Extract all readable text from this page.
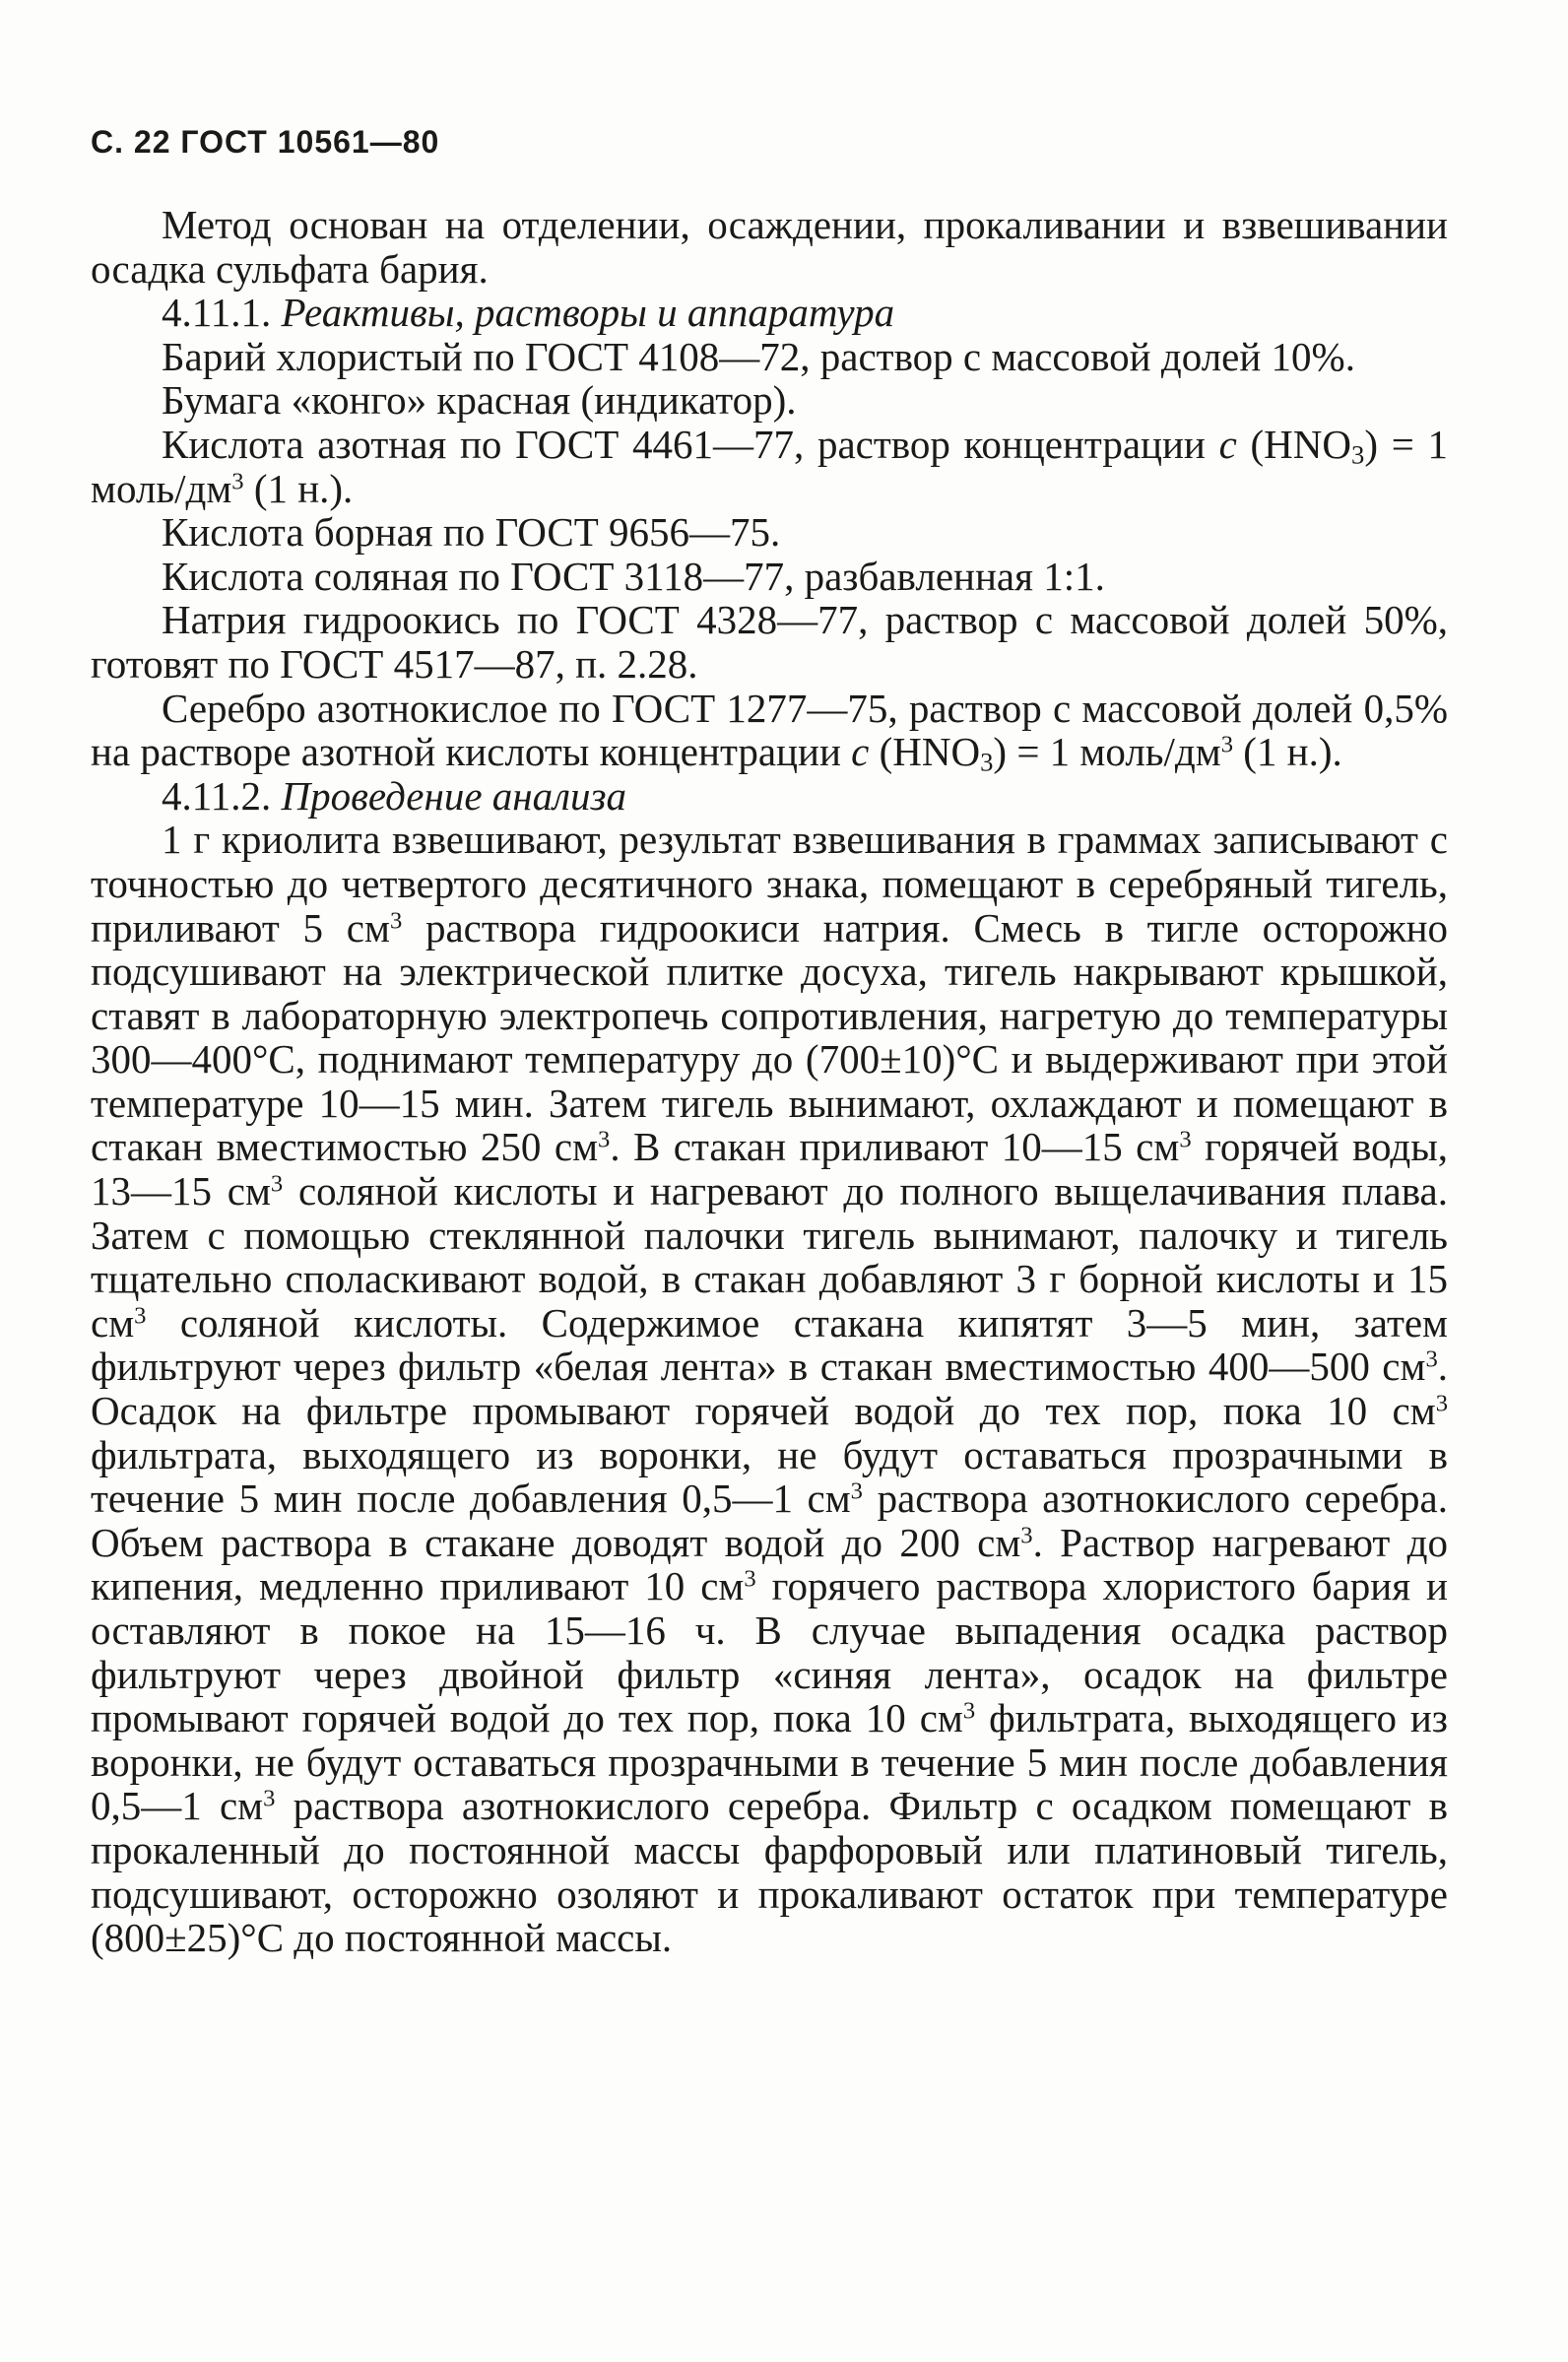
С. 22 ГОСТ 10561—80

Метод основан на отделении, осаждении, прокаливании и взвешивании осадка сульфата бария.

4.11.1. Реактивы, растворы и аппаратура

Барий хлористый по ГОСТ 4108—72, раствор с массовой долей 10%.

Бумага «конго» красная (индикатор).

Кислота азотная по ГОСТ 4461—77, раствор концентрации с $(HNO_3) = 1$ моль/$дм^3$ (1 н.).

Кислота борная по ГОСТ 9656—75.

Кислота соляная по ГОСТ 3118—77, разбавленная 1:1.

Натрия гидроокись по ГОСТ 4328—77, раствор с массовой долей 50%, готовят по ГОСТ 4517—87, п. 2.28.

Серебро азотнокислое по ГОСТ 1277—75, раствор с массовой долей 0,5% на растворе азотной кислоты концентрации с $(HNO_3) = 1$ моль/$дм^3$ (1 н.).

4.11.2. Проведение анализа

1 г криолита взвешивают, результат взвешивания в граммах записывают с точностью до четвертого десятичного знака, помещают в серебряный тигель, приливают 5 $см^3$ раствора гидроокиси натрия. Смесь в тигле осторожно подсушивают на электрической плитке досуха, тигель накрывают крышкой, ставят в лабораторную электропечь сопротивления, нагретую до температуры 300—400°С, поднимают температуру до (700±10)°С и выдерживают при этой температуре 10—15 мин. Затем тигель вынимают, охлаждают и помещают в стакан вместимостью 250 $см^3$. В стакан приливают 10—15 $см^3$ горячей воды, 13—15 $см^3$ соляной кислоты и нагревают до полного выщелачивания плава. Затем с помощью стеклянной палочки тигель вынимают, палочку и тигель тщательно споласкивают водой, в стакан добавляют 3 г борной кислоты и 15 $см^3$ соляной кислоты. Содержимое стакана кипятят 3—5 мин, затем фильтруют через фильтр «белая лента» в стакан вместимостью 400—500 $см^3$. Осадок на фильтре промывают горячей водой до тех пор, пока 10 $см^3$ фильтрата, выходящего из воронки, не будут оставаться прозрачными в течение 5 мин после добавления 0,5—1 $см^3$ раствора азотнокислого серебра. Объем раствора в стакане доводят водой до 200 $см^3$. Раствор нагревают до кипения, медленно приливают 10 $см^3$ горячего раствора хлористого бария и оставляют в покое на 15—16 ч. В случае выпадения осадка раствор фильтруют через двойной фильтр «синяя лента», осадок на фильтре промывают горячей водой до тех пор, пока 10 $см^3$ фильтрата, выходящего из воронки, не будут оставаться прозрачными в течение 5 мин после добавления 0,5—1 $см^3$ раствора азотнокислого серебра. Фильтр с осадком помещают в прокаленный до постоянной массы фарфоровый или платиновый тигель, подсушивают, осторожно озоляют и прокаливают остаток при температуре (800±25)°С до постоянной массы.
